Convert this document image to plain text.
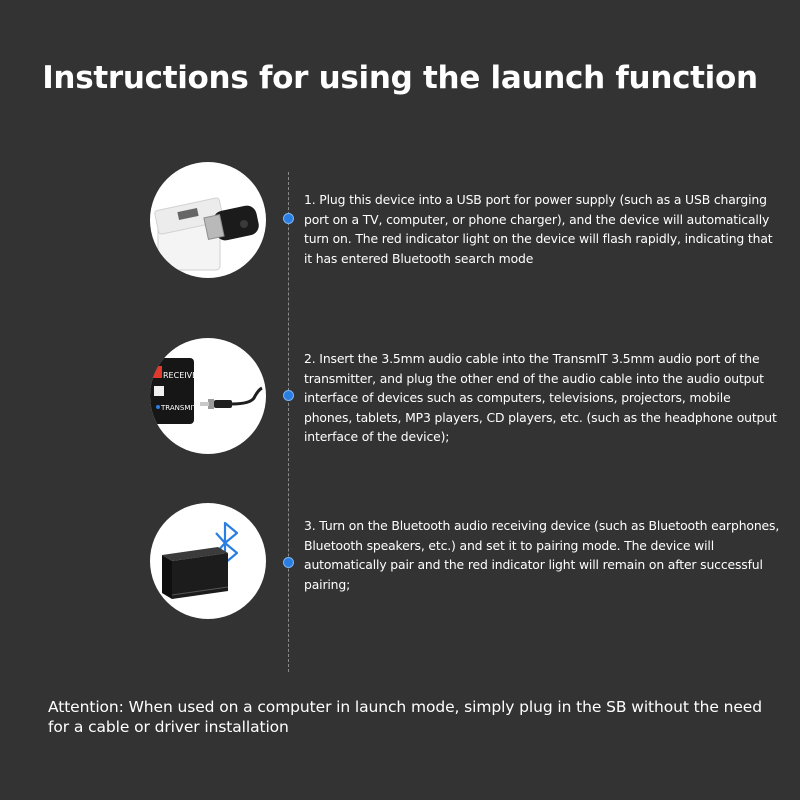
Instructions for using the launch function
1. Plug this device into a USB port for power supply (such as a USB charging port on a TV, computer, or phone charger), and the device will automatically turn on. The red indicator light on the device will flash rapidly, indicating that it has entered Bluetooth search mode
RECEIVE
TRANSMIT
2. Insert the 3.5mm audio cable into the TransmIT 3.5mm audio port of the transmitter, and plug the other end of the audio cable into the audio output interface of devices such as computers, televisions, projectors, mobile phones, tablets, MP3 players, CD players, etc. (such as the headphone output interface of the device);
3. Turn on the Bluetooth audio receiving device (such as Bluetooth earphones, Bluetooth speakers, etc.) and set it to pairing mode. The device will automatically pair and the red indicator light will remain on after successful pairing;
Attention: When used on a computer in launch mode, simply plug in the SB without the need for a cable or driver installation
